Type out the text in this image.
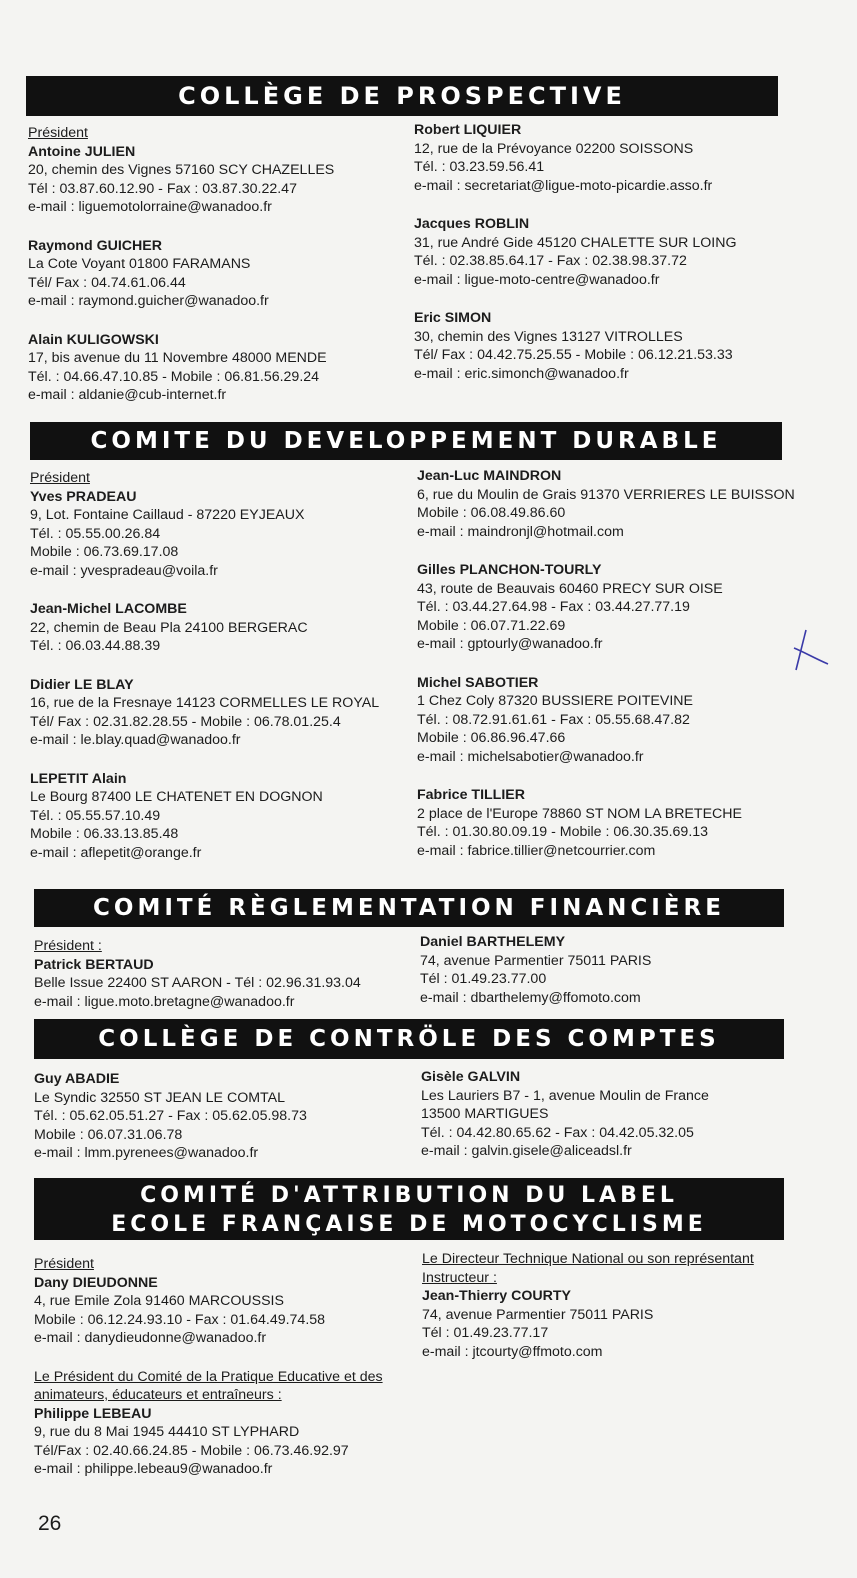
COLLÈGE DE PROSPECTIVE
Président
Antoine JULIEN
20, chemin des Vignes 57160 SCY CHAZELLES
Tél : 03.87.60.12.90 - Fax : 03.87.30.22.47
e-mail : liguemotolorraine@wanadoo.fr
Raymond GUICHER
La Cote Voyant 01800 FARAMANS
Tél/ Fax : 04.74.61.06.44
e-mail : raymond.guicher@wanadoo.fr
Alain KULIGOWSKI
17, bis avenue du 11 Novembre 48000 MENDE
Tél. : 04.66.47.10.85 - Mobile : 06.81.56.29.24
e-mail : aldanie@cub-internet.fr
Robert LIQUIER
12, rue de la Prévoyance 02200 SOISSONS
Tél. : 03.23.59.56.41
e-mail : secretariat@ligue-moto-picardie.asso.fr
Jacques ROBLIN
31, rue André Gide 45120 CHALETTE SUR LOING
Tél. : 02.38.85.64.17 - Fax : 02.38.98.37.72
e-mail : ligue-moto-centre@wanadoo.fr
Eric SIMON
30, chemin des Vignes 13127 VITROLLES
Tél/ Fax : 04.42.75.25.55 - Mobile : 06.12.21.53.33
e-mail : eric.simonch@wanadoo.fr
COMITE DU DEVELOPPEMENT DURABLE
Président
Yves PRADEAU
9, Lot. Fontaine Caillaud - 87220 EYJEAUX
Tél. : 05.55.00.26.84
Mobile : 06.73.69.17.08
e-mail : yvespradeau@voila.fr
Jean-Michel LACOMBE
22, chemin de Beau Pla 24100 BERGERAC
Tél. : 06.03.44.88.39
Didier LE BLAY
16, rue de la Fresnaye 14123 CORMELLES LE ROYAL
Tél/ Fax : 02.31.82.28.55 - Mobile : 06.78.01.25.4
e-mail : le.blay.quad@wanadoo.fr
LEPETIT Alain
Le Bourg 87400 LE CHATENET EN DOGNON
Tél. : 05.55.57.10.49
Mobile : 06.33.13.85.48
e-mail : aflepetit@orange.fr
Jean-Luc MAINDRON
6, rue du Moulin de Grais 91370 VERRIERES LE BUISSON
Mobile : 06.08.49.86.60
e-mail : maindronjl@hotmail.com
Gilles PLANCHON-TOURLY
43, route de Beauvais 60460 PRECY SUR OISE
Tél. : 03.44.27.64.98 - Fax : 03.44.27.77.19
Mobile : 06.07.71.22.69
e-mail : gptourly@wanadoo.fr
Michel SABOTIER
1 Chez Coly 87320 BUSSIERE POITEVINE
Tél. : 08.72.91.61.61 - Fax : 05.55.68.47.82
Mobile : 06.86.96.47.66
e-mail : michelsabotier@wanadoo.fr
Fabrice TILLIER
2 place de l'Europe 78860 ST NOM LA BRETECHE
Tél. : 01.30.80.09.19 - Mobile : 06.30.35.69.13
e-mail : fabrice.tillier@netcourrier.com
COMITÉ RÈGLEMENTATION FINANCIÈRE
Président :
Patrick BERTAUD
Belle Issue 22400 ST AARON - Tél : 02.96.31.93.04
e-mail : ligue.moto.bretagne@wanadoo.fr
Daniel BARTHELEMY
74, avenue Parmentier 75011 PARIS
Tél : 01.49.23.77.00
e-mail : dbarthelemy@ffomoto.com
COLLÈGE DE CONTRÖLE DES COMPTES
Guy ABADIE
Le Syndic 32550 ST JEAN LE COMTAL
Tél. : 05.62.05.51.27 - Fax : 05.62.05.98.73
Mobile : 06.07.31.06.78
e-mail : lmm.pyrenees@wanadoo.fr
Gisèle GALVIN
Les Lauriers B7 - 1, avenue Moulin de France
13500 MARTIGUES
Tél. : 04.42.80.65.62 - Fax : 04.42.05.32.05
e-mail : galvin.gisele@aliceadsl.fr
COMITÉ D'ATTRIBUTION DU LABEL
ECOLE FRANÇAISE DE MOTOCYCLISME
Président
Dany DIEUDONNE
4, rue Emile Zola 91460 MARCOUSSIS
Mobile : 06.12.24.93.10 - Fax : 01.64.49.74.58
e-mail : danydieudonne@wanadoo.fr
Le Président du Comité de la Pratique Educative et des
animateurs, éducateurs et entraîneurs :
Philippe LEBEAU
9, rue du 8 Mai 1945 44410 ST LYPHARD
Tél/Fax : 02.40.66.24.85 - Mobile : 06.73.46.92.97
e-mail : philippe.lebeau9@wanadoo.fr
Le Directeur Technique National ou son représentant
Instructeur :
Jean-Thierry COURTY
74, avenue Parmentier 75011 PARIS
Tél : 01.49.23.77.17
e-mail : jtcourty@ffmoto.com
26
